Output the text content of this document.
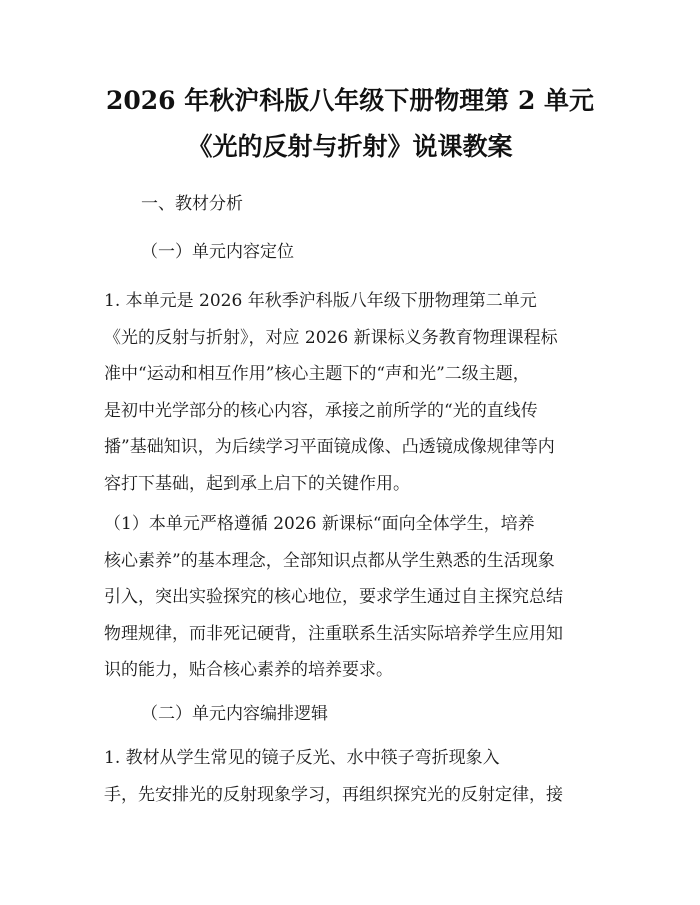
2026 年秋沪科版八年级下册物理第 2 单元
《光的反射与折射》说课教案
一、教材分析
（一）单元内容定位
1. 本单元是 2026 年秋季沪科版八年级下册物理第二单元
《光的反射与折射》，对应 2026 新课标义务教育物理课程标
准中“运动和相互作用”核心主题下的“声和光”二级主题，
是初中光学部分的核心内容，承接之前所学的“光的直线传
播”基础知识，为后续学习平面镜成像、凸透镜成像规律等内
容打下基础，起到承上启下的关键作用。
（1）本单元严格遵循 2026 新课标“面向全体学生，培养
核心素养”的基本理念，全部知识点都从学生熟悉的生活现象
引入，突出实验探究的核心地位，要求学生通过自主探究总结
物理规律，而非死记硬背，注重联系生活实际培养学生应用知
识的能力，贴合核心素养的培养要求。
（二）单元内容编排逻辑
1. 教材从学生常见的镜子反光、水中筷子弯折现象入
手，先安排光的反射现象学习，再组织探究光的反射定律，接
